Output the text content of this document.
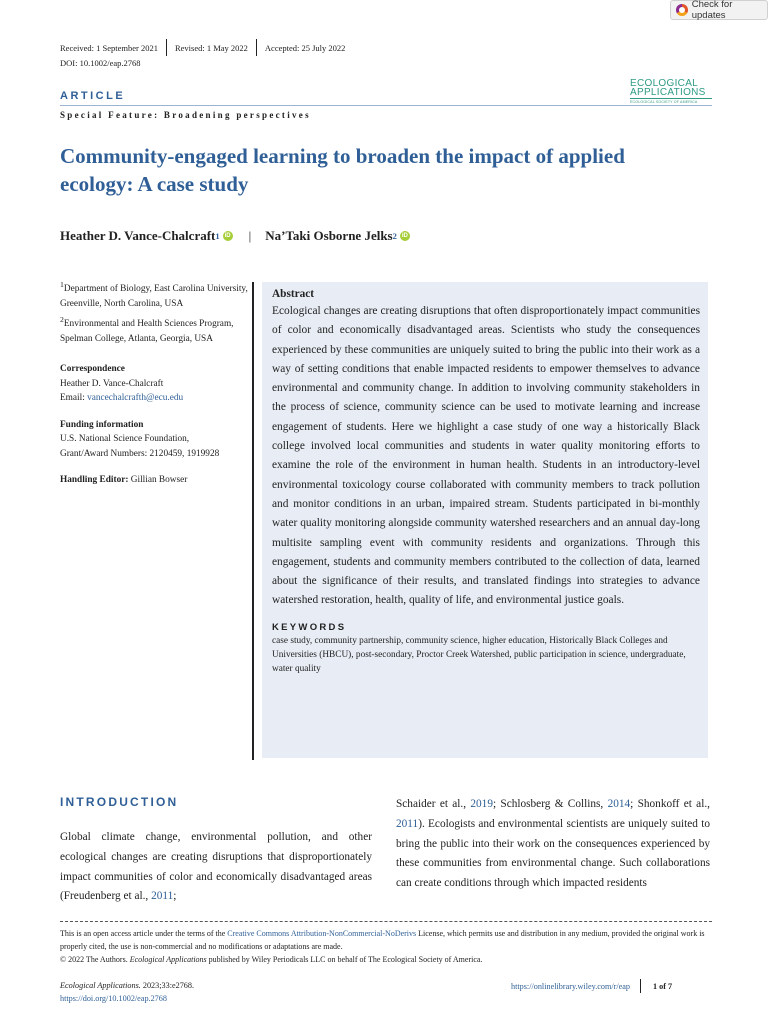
Check for updates
Received: 1 September 2021 Revised: 1 May 2022 Accepted: 25 July 2022
DOI: 10.1002/eap.2768
ECOLOGICAL
APPLICATIONS
ECOLOGICAL SOCIETY OF AMERICA
ARTICLE
Special Feature: Broadening perspectives
Community-engaged learning to broaden the impact of applied ecology: A case study
Heather D. Vance-Chalcraft 1 iD | Na’Taki Osborne Jelks 2 iD

$^1$Department of Biology, East Carolina University, Greenville, North Carolina, USA

$^2$Environmental and Health Sciences Program, Spelman College, Atlanta, Georgia, USA

Correspondence

Heather D. Vance-Chalcraft

Email: vancechalcrafth@ecu.edu

Funding information

U.S. National Science Foundation,

Grant/Award Numbers: 2120459, 1919928

Handling Editor: Gillian Bowser

Abstract
Ecological changes are creating disruptions that often disproportionately impact communities of color and economically disadvantaged areas. Scientists who study the consequences experienced by these communities are uniquely suited to bring the public into their work as a way of setting conditions that enable impacted residents to empower themselves to advance environmental and community change. In addition to involving community stakeholders in the process of science, community science can be used to motivate learning and increase engagement of students. Here we highlight a case study of one way a historically Black college involved local communities and students in water quality monitoring efforts to examine the role of the environment in human health. Students in an introductory-level environmental toxicology course collaborated with community members to track pollution and monitor conditions in an urban, impaired stream. Students participated in bi-monthly water quality monitoring alongside community watershed researchers and an annual day-long multisite sampling event with community residents and organizations. Through this engagement, students and community members contributed to the collection of data, learned about the significance of their results, and translated findings into strategies to advance watershed restoration, health, quality of life, and environmental justice goals.
KEYWORDS
case study, community partnership, community science, higher education, Historically Black Colleges and Universities (HBCU), post-secondary, Proctor Creek Watershed, public participation in science, undergraduate, water quality
INTRODUCTION
Global climate change, environmental pollution, and other ecological changes are creating disruptions that disproportionately impact communities of color and economically disadvantaged areas (Freudenberg et al., 2011;
Schaider et al., 2019; Schlosberg & Collins, 2014; Shonkoff et al., 2011). Ecologists and environmental scientists are uniquely suited to bring the public into their work on the consequences experienced by these communities from environmental change. Such collaborations can create conditions through which impacted residents
This is an open access article under the terms of the Creative Commons Attribution-NonCommercial-NoDerivs License, which permits use and distribution in any medium, provided the original work is properly cited, the use is non-commercial and no modifications or adaptations are made.
© 2022 The Authors. Ecological Applications published by Wiley Periodicals LLC on behalf of The Ecological Society of America.
Ecological Applications. 2023;33:e2768.
https://doi.org/10.1002/eap.2768
https://onlinelibrary.wiley.com/r/eap	1 of 7
